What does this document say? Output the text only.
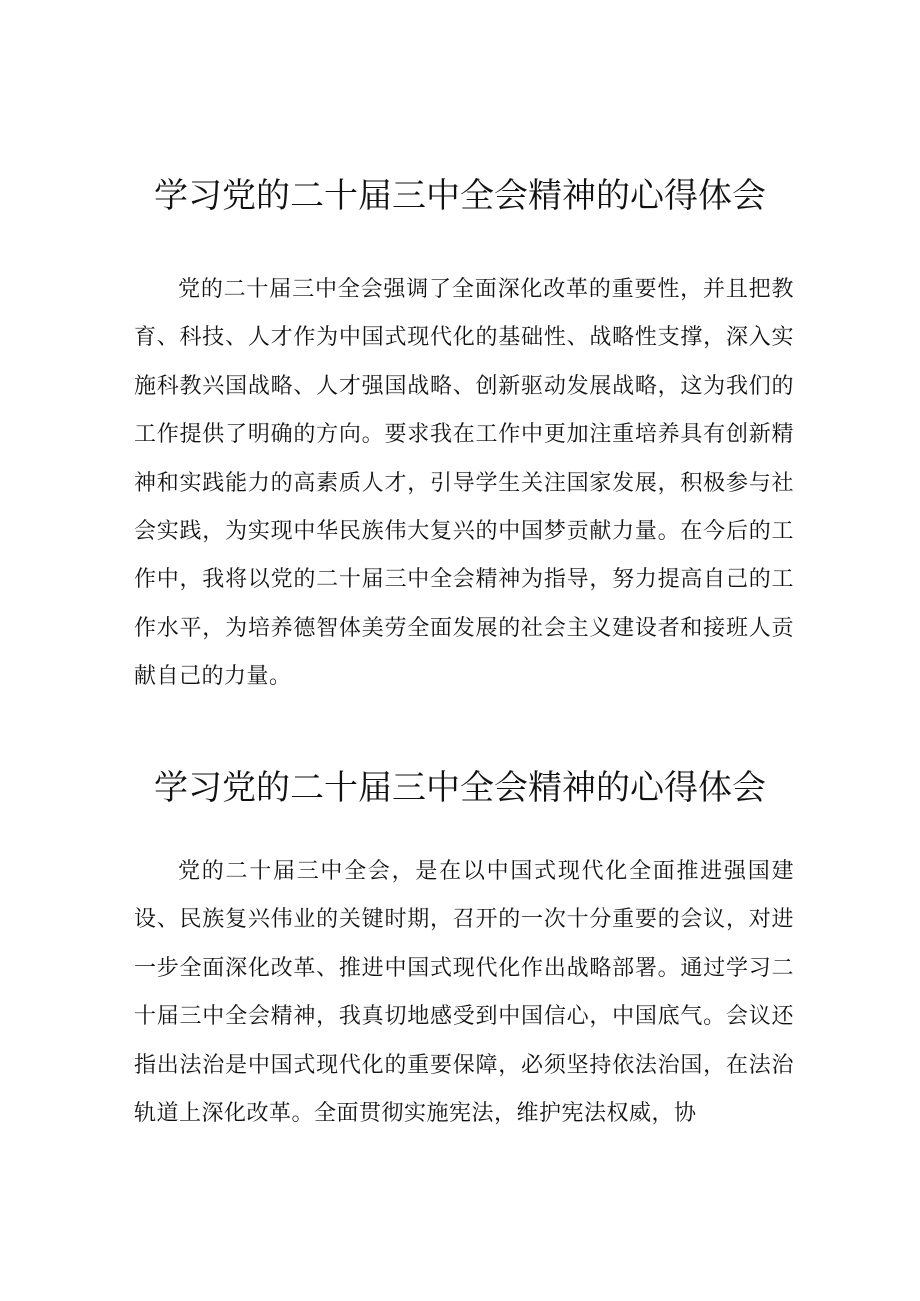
学习党的二十届三中全会精神的心得体会

党的二十届三中全会强调了全面深化改革的重要性，并且把教育、科技、人才作为中国式现代化的基础性、战略性支撑，深入实施科教兴国战略、人才强国战略、创新驱动发展战略，这为我们的工作提供了明确的方向。要求我在工作中更加注重培养具有创新精神和实践能力的高素质人才，引导学生关注国家发展，积极参与社会实践，为实现中华民族伟大复兴的中国梦贡献力量。在今后的工作中，我将以党的二十届三中全会精神为指导，努力提高自己的工作水平，为培养德智体美劳全面发展的社会主义建设者和接班人贡献自己的力量。

学习党的二十届三中全会精神的心得体会

党的二十届三中全会，是在以中国式现代化全面推进强国建设、民族复兴伟业的关键时期，召开的一次十分重要的会议，对进一步全面深化改革、推进中国式现代化作出战略部署。通过学习二十届三中全会精神，我真切地感受到中国信心，中国底气。会议还指出法治是中国式现代化的重要保障，必须坚持依法治国，在法治轨道上深化改革。全面贯彻实施宪法，维护宪法权威，协
